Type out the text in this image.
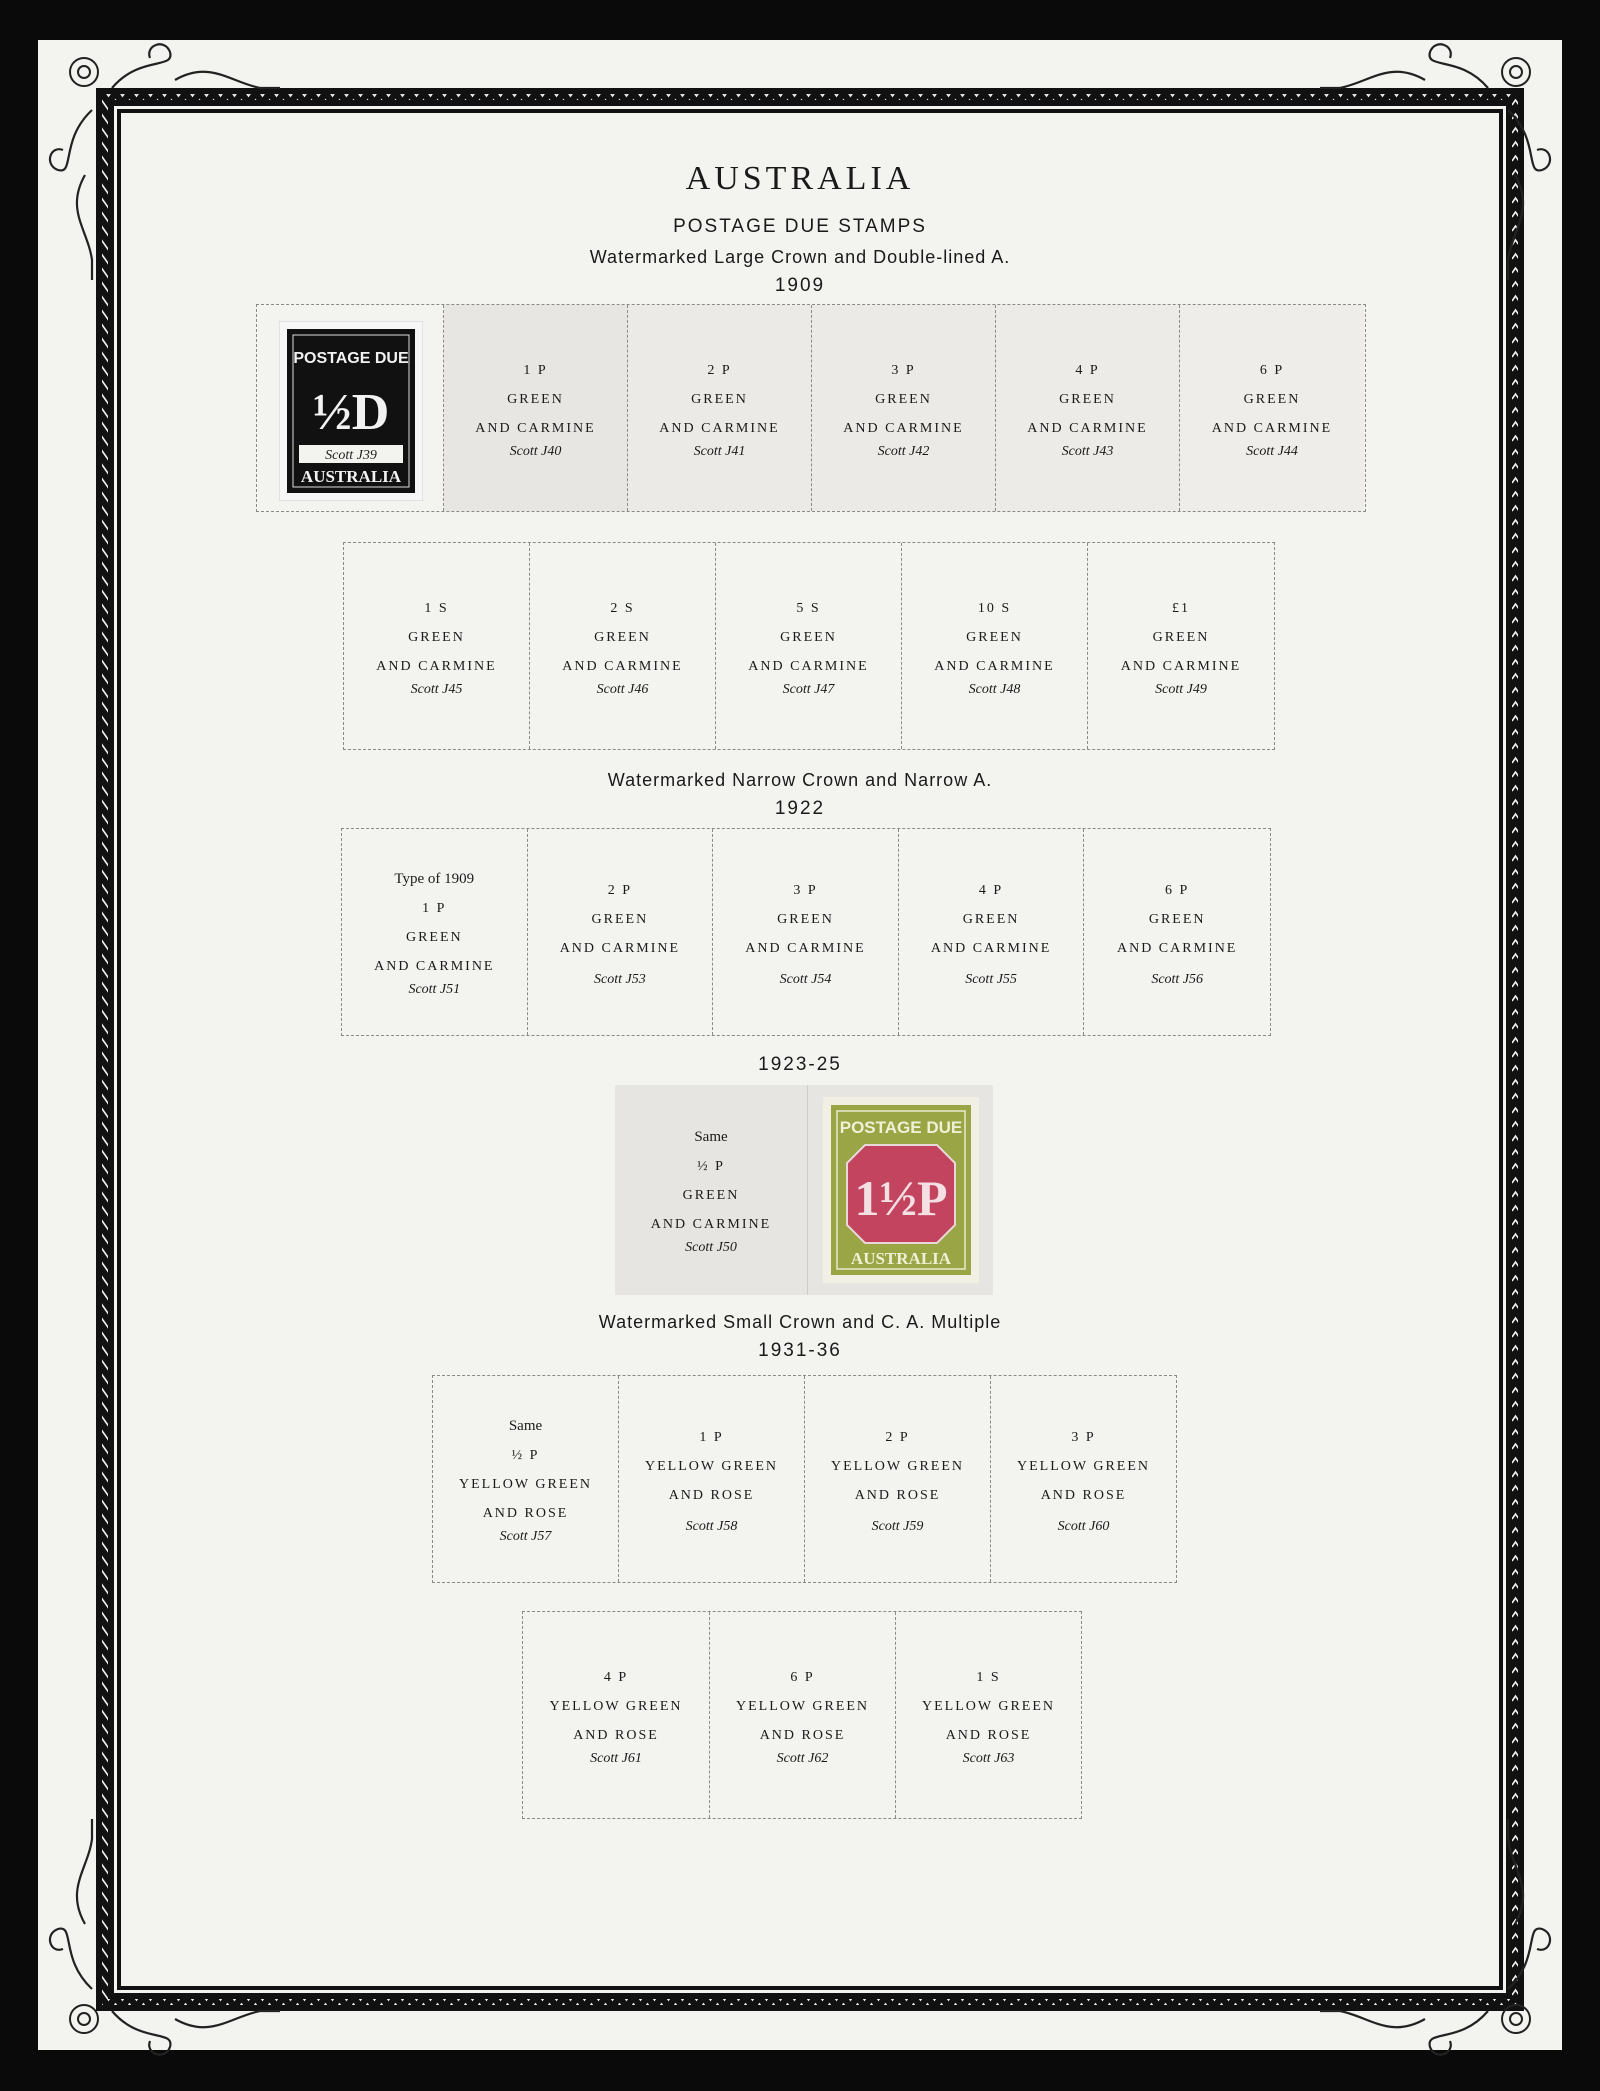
AUSTRALIA
POSTAGE DUE STAMPS
Watermarked Large Crown and Double-lined A.
1909
POSTAGE DUE
½D
Scott J39
AUSTRALIA
1 P
GREEN
AND CARMINE
Scott J40
2 P
GREEN
AND CARMINE
Scott J41
3 P
GREEN
AND CARMINE
Scott J42
4 P
GREEN
AND CARMINE
Scott J43
6 P
GREEN
AND CARMINE
Scott J44
1 S
GREEN
AND CARMINE
Scott J45
2 S
GREEN
AND CARMINE
Scott J46
5 S
GREEN
AND CARMINE
Scott J47
10 S
GREEN
AND CARMINE
Scott J48
£1
GREEN
AND CARMINE
Scott J49
Watermarked Narrow Crown and Narrow A.
1922
Type of 1909
1 P
GREEN
AND CARMINE
Scott J51
2 P
GREEN
AND CARMINE
Scott J53
3 P
GREEN
AND CARMINE
Scott J54
4 P
GREEN
AND CARMINE
Scott J55
6 P
GREEN
AND CARMINE
Scott J56
1923-25
Same
½ P
GREEN
AND CARMINE
Scott J50
POSTAGE DUE
1½P
AUSTRALIA
Watermarked Small Crown and C. A. Multiple
1931-36
Same
½ P
YELLOW GREEN
AND ROSE
Scott J57
1 P
YELLOW GREEN
AND ROSE
Scott J58
2 P
YELLOW GREEN
AND ROSE
Scott J59
3 P
YELLOW GREEN
AND ROSE
Scott J60
4 P
YELLOW GREEN
AND ROSE
Scott J61
6 P
YELLOW GREEN
AND ROSE
Scott J62
1 S
YELLOW GREEN
AND ROSE
Scott J63
